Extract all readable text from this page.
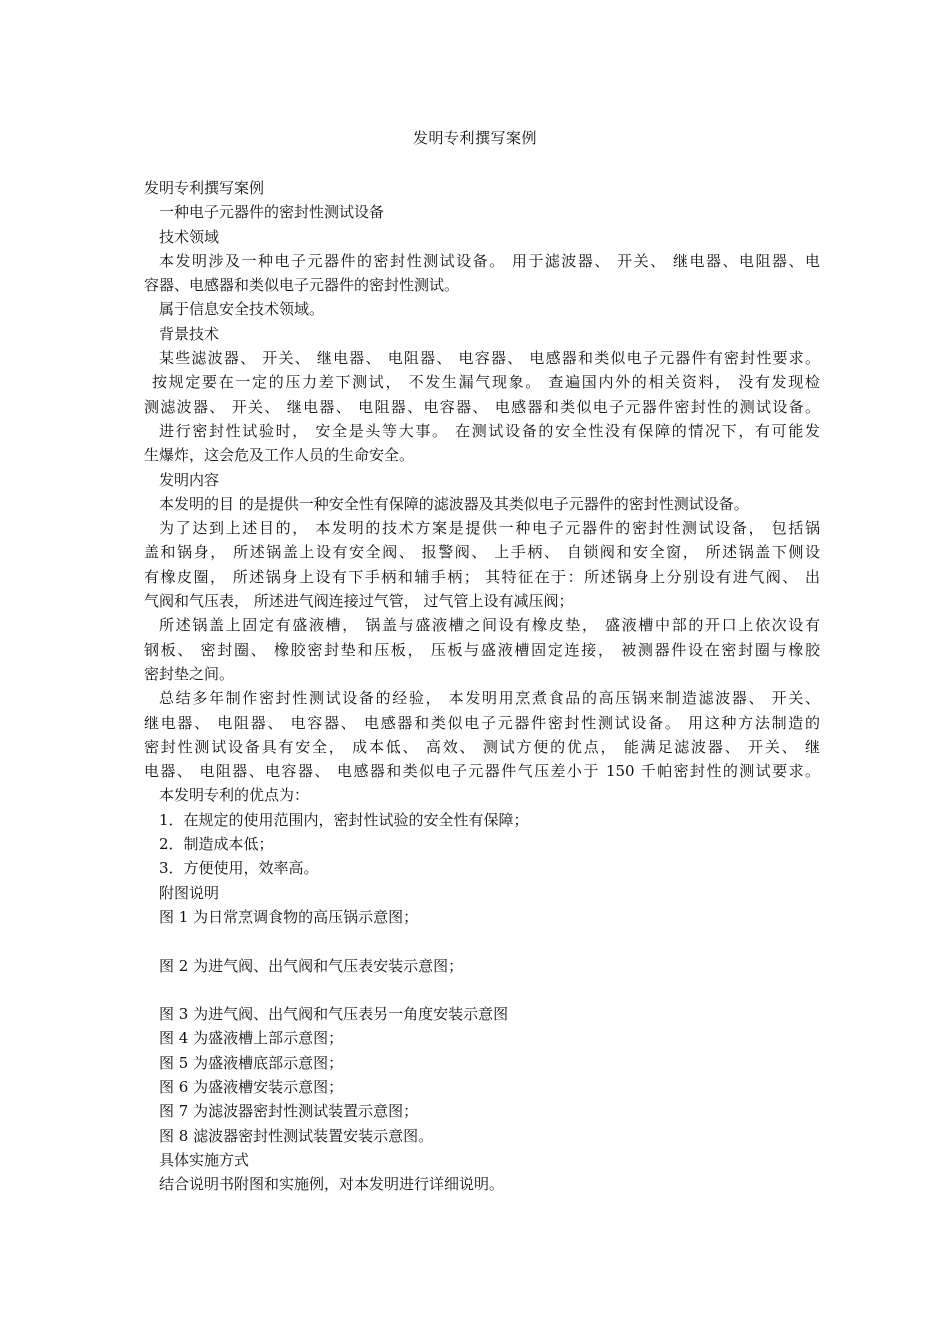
发明专利撰写案例
发明专利撰写案例
一种电子元器件的密封性测试设备
技术领域
本发明涉及一种电子元器件的密封性测试设备。 用于滤波器、 开关、 继电器、电阻器、电
容器、电感器和类似电子元器件的密封性测试。
属于信息安全技术领域。
背景技术
某些滤波器、 开关、 继电器、 电阻器、 电容器、 电感器和类似电子元器件有密封性要求。
按规定要在一定的压力差下测试， 不发生漏气现象。 查遍国内外的相关资料， 没有发现检
测滤波器、 开关、 继电器、 电阻器、电容器、 电感器和类似电子元器件密封性的测试设备。
进行密封性试验时， 安全是头等大事。 在测试设备的安全性没有保障的情况下，有可能发
生爆炸，这会危及工作人员的生命安全。
发明内容
本发明的目 的是提供一种安全性有保障的滤波器及其类似电子元器件的密封性测试设备。
为了达到上述目的， 本发明的技术方案是提供一种电子元器件的密封性测试设备， 包括锅
盖和锅身， 所述锅盖上设有安全阀、 报警阀、 上手柄、 自锁阀和安全窗， 所述锅盖下侧设
有橡皮圈， 所述锅身上设有下手柄和辅手柄； 其特征在于：所述锅身上分别设有进气阀、 出
气阀和气压表， 所述进气阀连接过气管， 过气管上设有减压阀；
所述锅盖上固定有盛液槽， 锅盖与盛液槽之间设有橡皮垫， 盛液槽中部的开口上依次设有
钢板、 密封圈、 橡胶密封垫和压板， 压板与盛液槽固定连接， 被测器件设在密封圈与橡胶
密封垫之间。
总结多年制作密封性测试设备的经验， 本发明用烹煮食品的高压锅来制造滤波器、 开关、
继电器、 电阻器、 电容器、 电感器和类似电子元器件密封性测试设备。 用这种方法制造的
密封性测试设备具有安全， 成本低、 高效、 测试方便的优点， 能满足滤波器、 开关、 继
电器、 电阻器、电容器、 电感器和类似电子元器件气压差小于 150 千帕密封性的测试要求。
本发明专利的优点为：
1．在规定的使用范围内，密封性试验的安全性有保障；
2．制造成本低；
3．方便使用，效率高。
附图说明
图 1 为日常烹调食物的高压锅示意图；
图 2 为进气阀、出气阀和气压表安装示意图；
图 3 为进气阀、出气阀和气压表另一角度安装示意图
图 4 为盛液槽上部示意图；
图 5 为盛液槽底部示意图；
图 6 为盛液槽安装示意图；
图 7 为滤波器密封性测试装置示意图；
图 8 滤波器密封性测试装置安装示意图。
具体实施方式
结合说明书附图和实施例，对本发明进行详细说明。
